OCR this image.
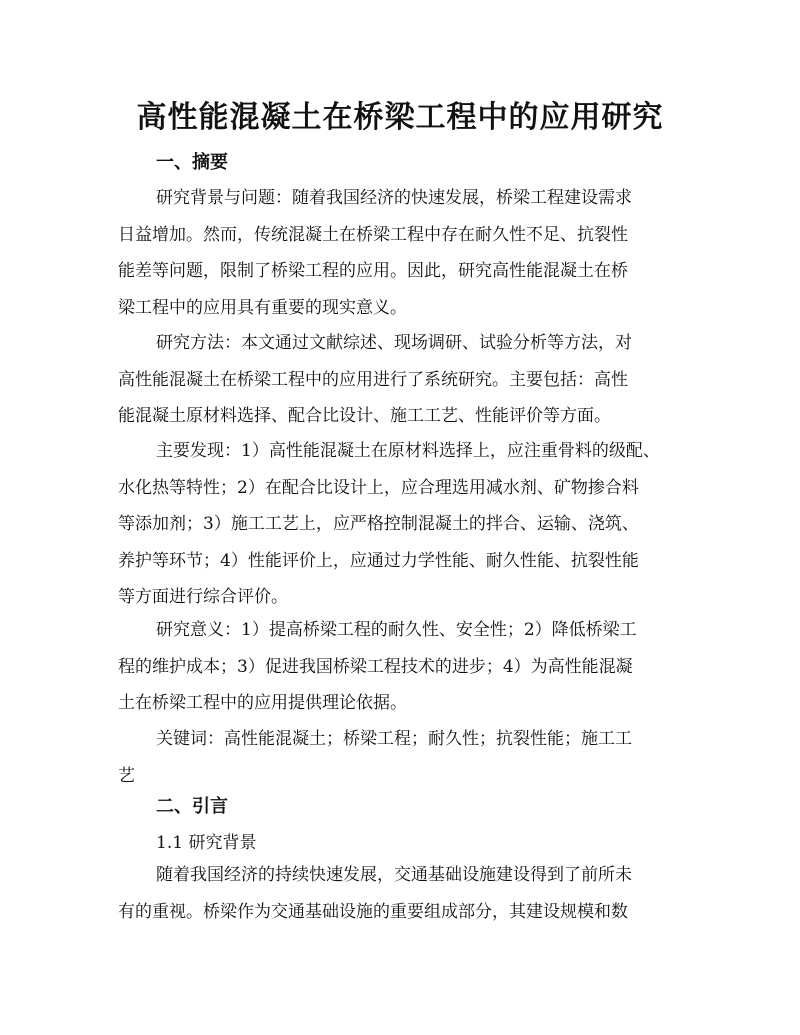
高性能混凝土在桥梁工程中的应用研究
一、摘要

研究背景与问题：随着我国经济的快速发展，桥梁工程建设需求
日益增加。然而，传统混凝土在桥梁工程中存在耐久性不足、抗裂性
能差等问题，限制了桥梁工程的应用。因此，研究高性能混凝土在桥
梁工程中的应用具有重要的现实意义。

研究方法：本文通过文献综述、现场调研、试验分析等方法，对
高性能混凝土在桥梁工程中的应用进行了系统研究。主要包括：高性
能混凝土原材料选择、配合比设计、施工工艺、性能评价等方面。

主要发现：1）高性能混凝土在原材料选择上，应注重骨料的级配、
水化热等特性；2）在配合比设计上，应合理选用减水剂、矿物掺合料
等添加剂；3）施工工艺上，应严格控制混凝土的拌合、运输、浇筑、
养护等环节；4）性能评价上，应通过力学性能、耐久性能、抗裂性能
等方面进行综合评价。

研究意义：1）提高桥梁工程的耐久性、安全性；2）降低桥梁工
程的维护成本；3）促进我国桥梁工程技术的进步；4）为高性能混凝
土在桥梁工程中的应用提供理论依据。

关键词：高性能混凝土；桥梁工程；耐久性；抗裂性能；施工工
艺

二、引言

1.1 研究背景

随着我国经济的持续快速发展，交通基础设施建设得到了前所未
有的重视。桥梁作为交通基础设施的重要组成部分，其建设规模和数
